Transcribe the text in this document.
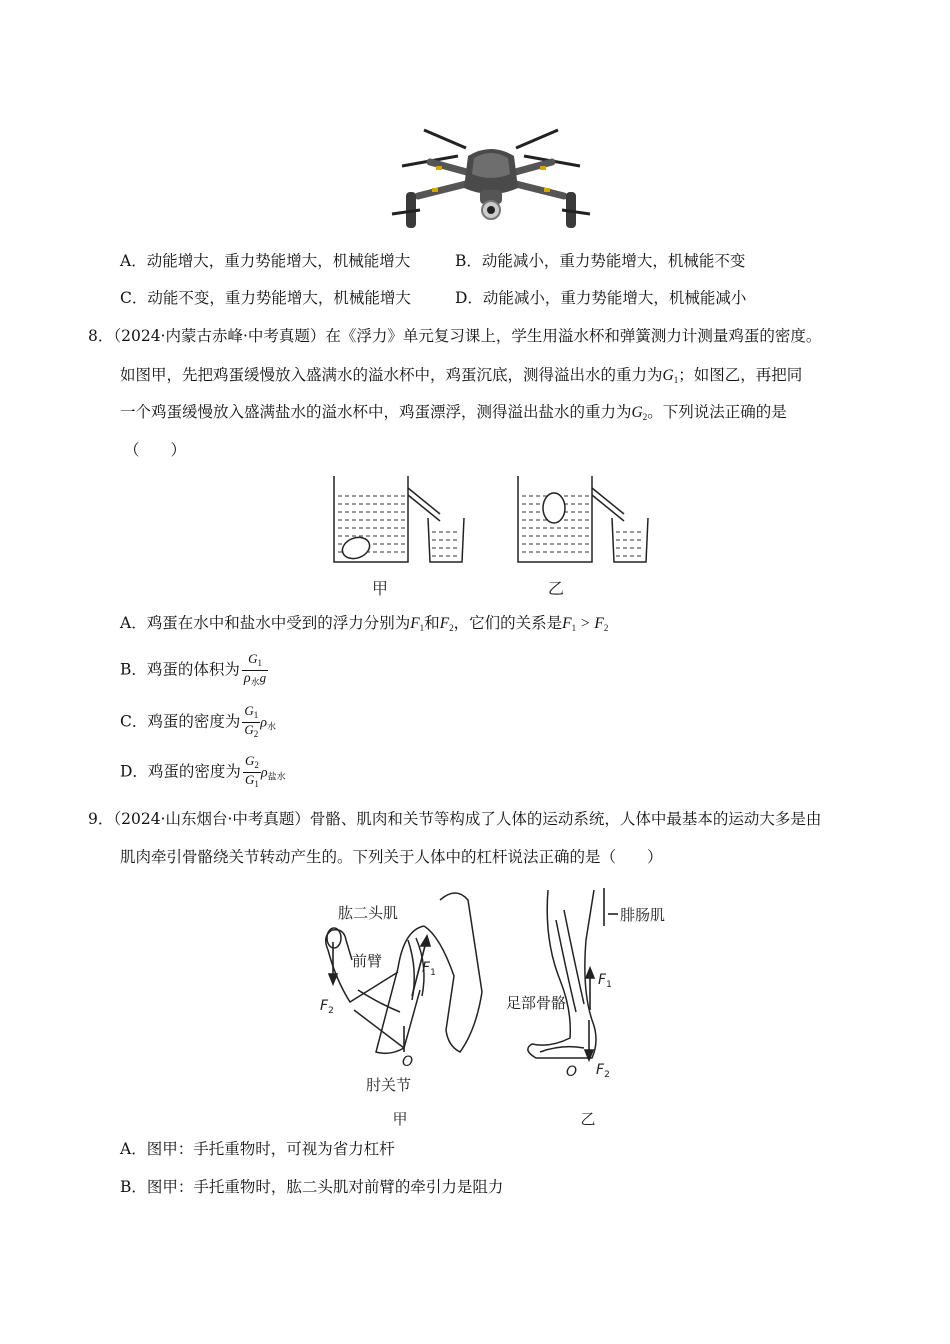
A．动能增大，重力势能增大，机械能增大	B．动能减小，重力势能增大，机械能不变
C．动能不变，重力势能增大，机械能增大	D．动能减小，重力势能增大，机械能减小
8．（2024·内蒙古赤峰·中考真题）在《浮力》单元复习课上，学生用溢水杯和弹簧测力计测量鸡蛋的密度。
如图甲，先把鸡蛋缓慢放入盛满水的溢水杯中，鸡蛋沉底，测得溢出水的重力为$G_1$；如图乙，再把同
一个鸡蛋缓慢放入盛满盐水的溢水杯中，鸡蛋漂浮，测得溢出盐水的重力为$G_2$。下列说法正确的是
（　　）
甲	乙
A．鸡蛋在水中和盐水中受到的浮力分别为$F_1$和$F_2$，它们的关系是$F_1 > F_2$
B．鸡蛋的体积为 $\frac{G_1}{\rho_水g}$
C．鸡蛋的密度为 $\frac{G_1}{G_2} \rho_水$
D．鸡蛋的密度为 $\frac{G_2}{G_1} \rho_{盐水}$
9．（2024·山东烟台·中考真题）骨骼、肌肉和关节等构成了人体的运动系统，人体中最基本的运动大多是由
肌肉牵引骨骼绕关节转动产生的。下列关于人体中的杠杆说法正确的是（　　）
肱二头肌
前臂
肘关节
腓肠肌
足部骨骼
甲	乙
$F_1$
$F_2$
O
$F_1$
$F_2$
O
A．图甲：手托重物时，可视为省力杠杆
B．图甲：手托重物时，肱二头肌对前臂的牵引力是阻力
